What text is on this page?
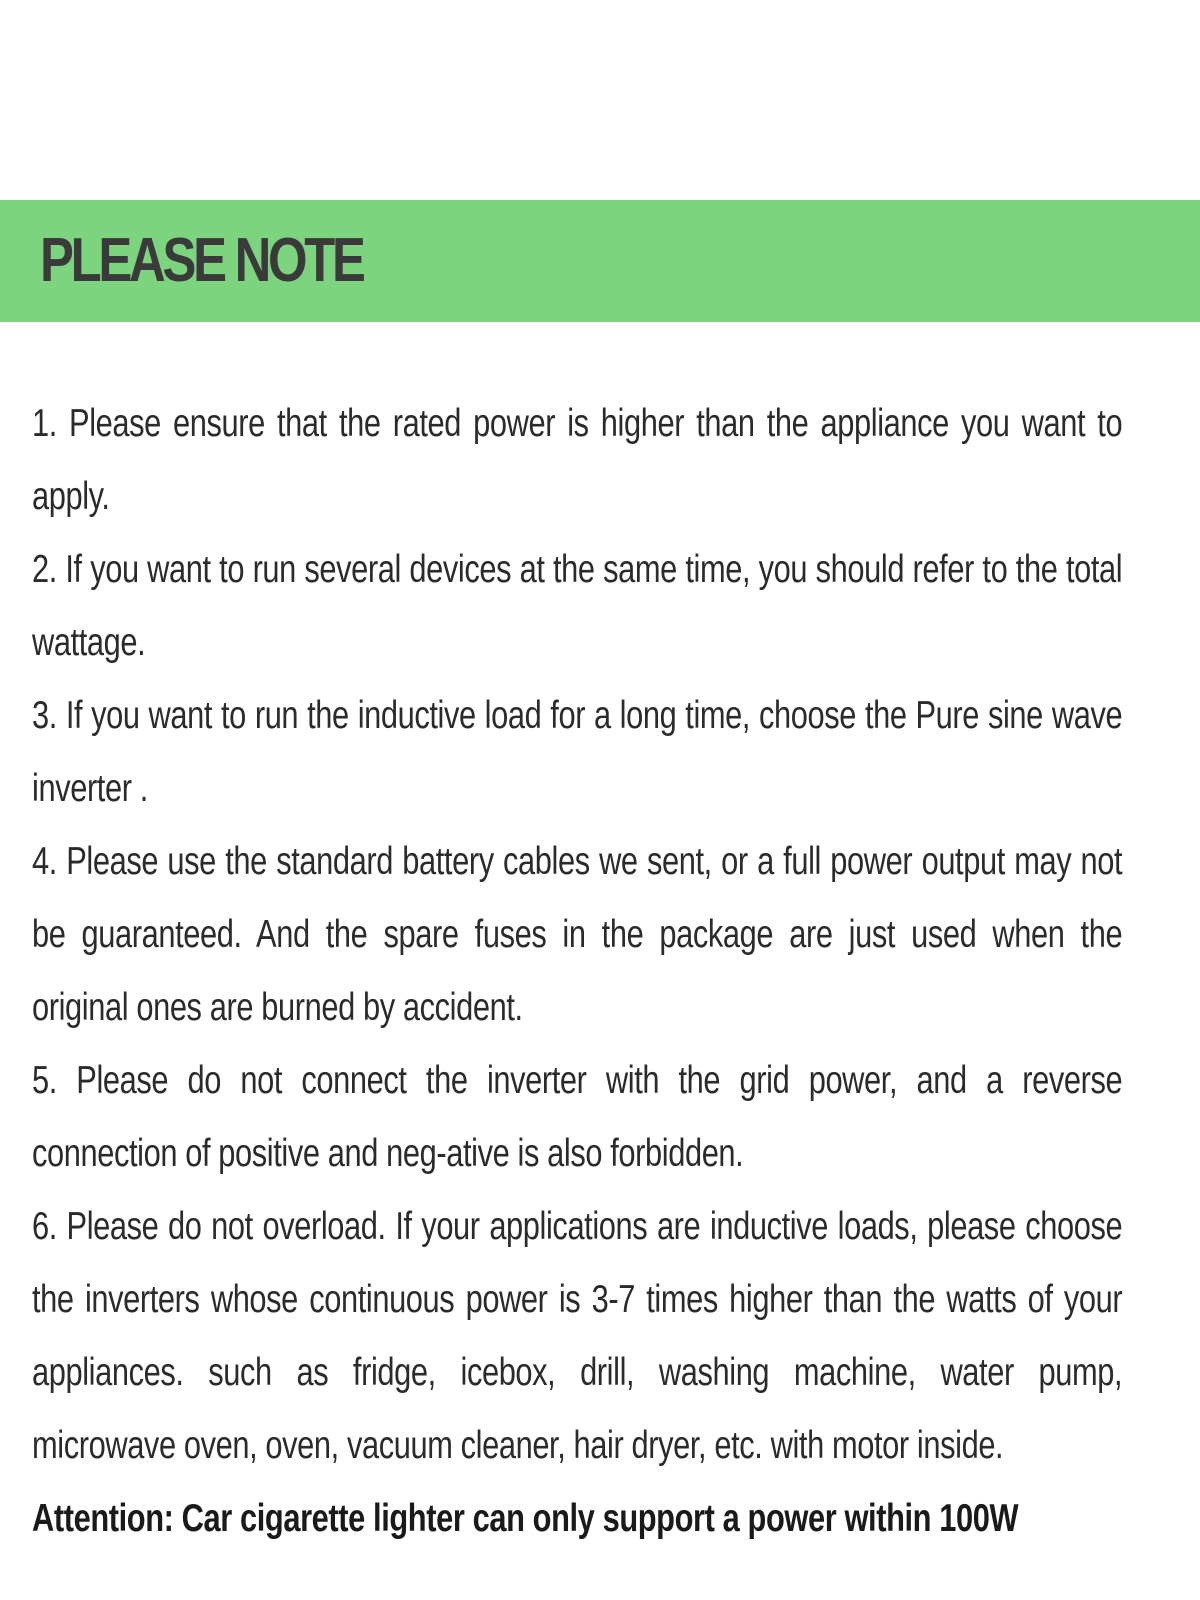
PLEASE NOTE

1. Please ensure that the rated power is higher than the appliance you want to apply.

2. If you want to run several devices at the same time, you should refer to the total wattage.

3. If you want to run the inductive load for a long time, choose the Pure sine wave inverter .

4. Please use the standard battery cables we sent, or a full power output may not be guaranteed. And the spare fuses in the package are just used when the original ones are burned by accident.

5. Please do not connect the inverter with the grid power, and a reverse connection of positive and neg-ative is also forbidden.

6. Please do not overload. If your applications are inductive loads, please choose the inverters whose continuous power is 3-7 times higher than the watts of your appliances. such as fridge, icebox, drill, washing machine, water pump, microwave oven, oven, vacuum cleaner, hair dryer, etc. with motor inside.

Attention: Car cigarette lighter can only support a power within 100W
